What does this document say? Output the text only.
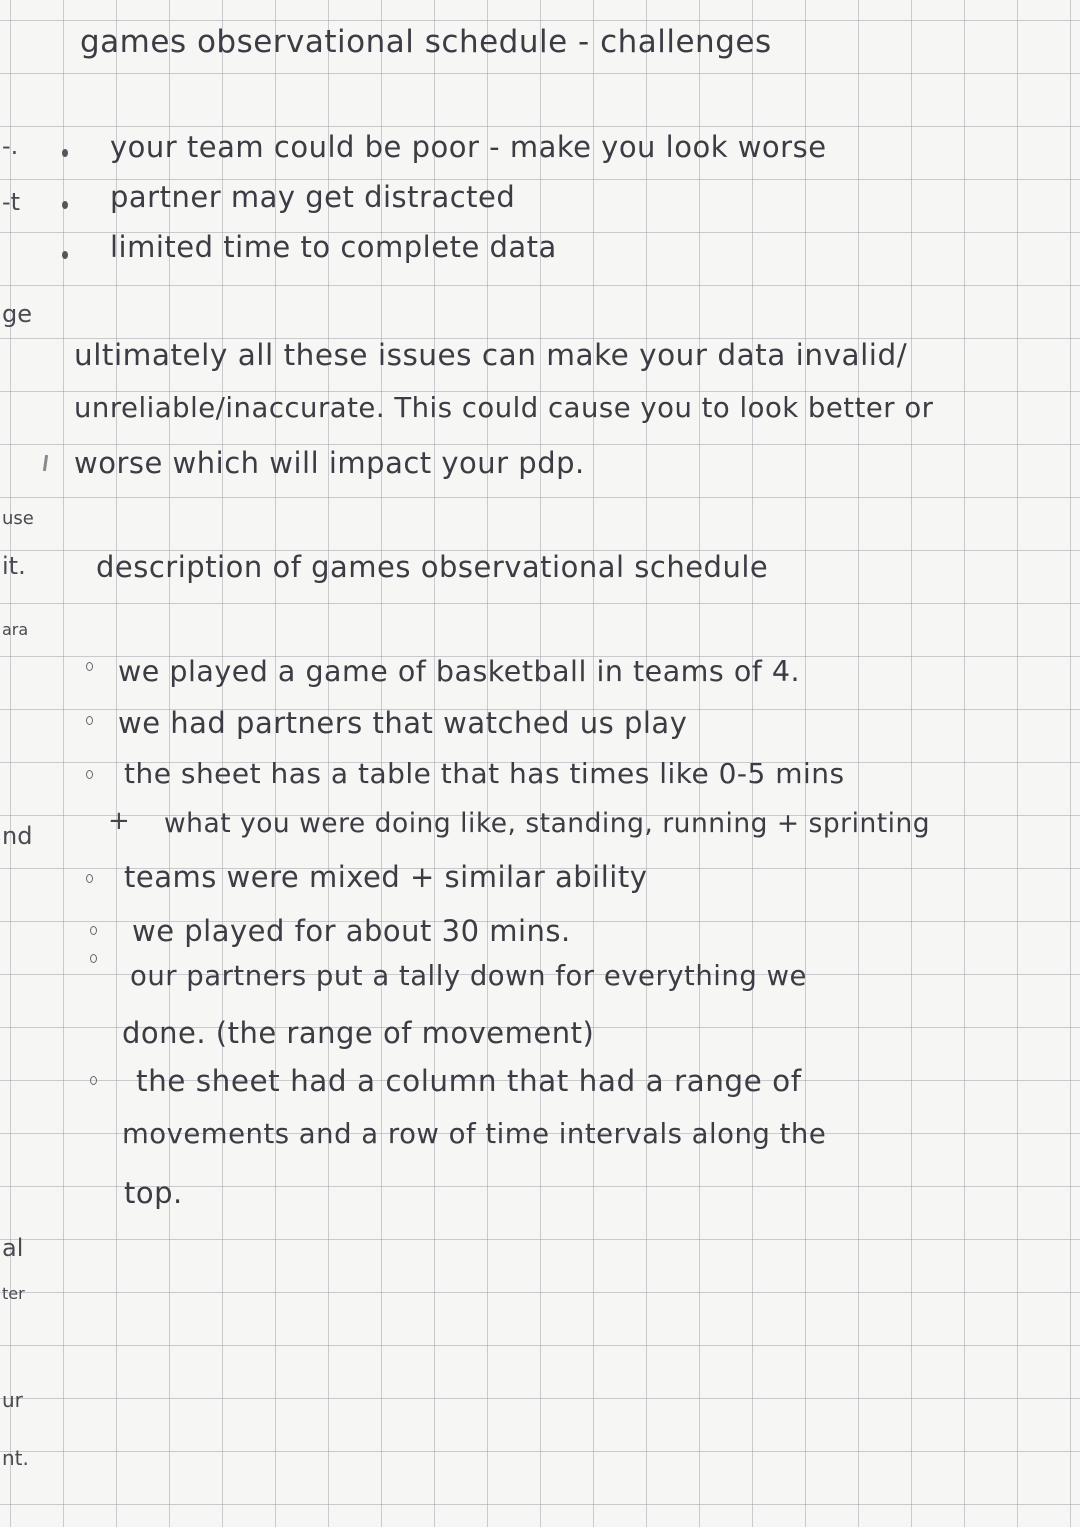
-.
-t
ge
use
it.
ara
nd
al
ter
ur
nt.
games observational schedule - challenges
your team could be poor - make you look worse
partner may get distracted
limited time to complete data
ultimately all these issues can make your data invalid/
unreliable/inaccurate. This could cause you to look better or
worse which will impact your pdp.
description of games observational schedule
we played a game of basketball in teams of 4.
we had partners that watched us play
the sheet has a table that has times like 0-5 mins
+ what you were doing like, standing, running + sprinting
teams were mixed + similar ability
we played for about 30 mins.
our partners put a tally down for everything we
done. (the range of movement)
the sheet had a column that had a range of
movements and a row of time intervals along the
top.
